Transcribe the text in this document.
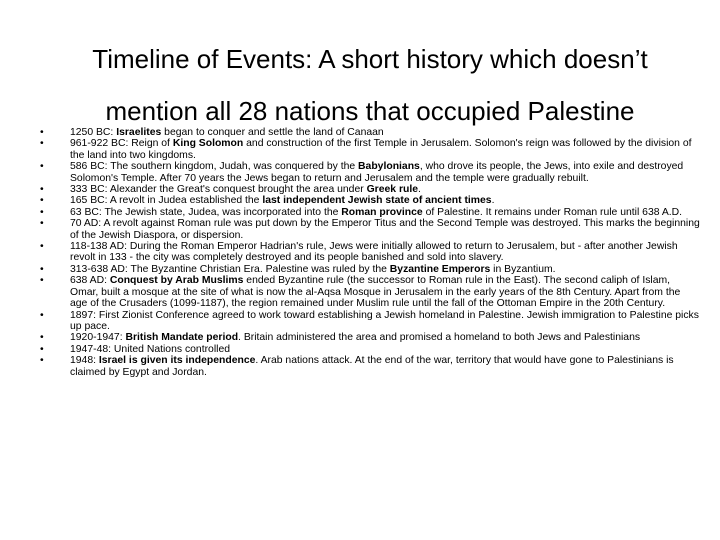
Timeline of Events: A short history which doesn’t
mention all 28 nations that occupied Palestine
•	1250 BC: Israelites began to conquer and settle the land of Canaan
•	961-922 BC: Reign of King Solomon and construction of the first Temple in Jerusalem. Solomon's reign was followed by the division of the land into two kingdoms.
•	586 BC: The southern kingdom, Judah, was conquered by the Babylonians, who drove its people, the Jews, into exile and destroyed Solomon's Temple. After 70 years the Jews began to return and Jerusalem and the temple were gradually rebuilt.
•	333 BC: Alexander the Great's conquest brought the area under Greek rule.
•	165 BC: A revolt in Judea established the last independent Jewish state of ancient times.
•	63 BC: The Jewish state, Judea, was incorporated into the Roman province of Palestine. It remains under Roman rule until 638 A.D.
•	70 AD: A revolt against Roman rule was put down by the Emperor Titus and the Second Temple was destroyed. This marks the beginning of the Jewish Diaspora, or dispersion.
•	118-138 AD: During the Roman Emperor Hadrian's rule, Jews were initially allowed to return to Jerusalem, but - after another Jewish revolt in 133 - the city was completely destroyed and its people banished and sold into slavery.
•	313-638 AD: The Byzantine Christian Era. Palestine was ruled by the Byzantine Emperors in Byzantium.
•	638 AD: Conquest by Arab Muslims ended Byzantine rule (the successor to Roman rule in the East). The second caliph of Islam, Omar, built a mosque at the site of what is now the al-Aqsa Mosque in Jerusalem in the early years of the 8th Century. Apart from the age of the Crusaders (1099-1187), the region remained under Muslim rule until the fall of the Ottoman Empire in the 20th Century.
•	1897: First Zionist Conference agreed to work toward establishing a Jewish homeland in Palestine. Jewish immigration to Palestine picks up pace.
•	1920-1947: British Mandate period. Britain administered the area and promised a homeland to both Jews and Palestinians
•	1947-48: United Nations controlled
•	1948: Israel is given its independence. Arab nations attack. At the end of the war, territory that would have gone to Palestinians is claimed by Egypt and Jordan.
